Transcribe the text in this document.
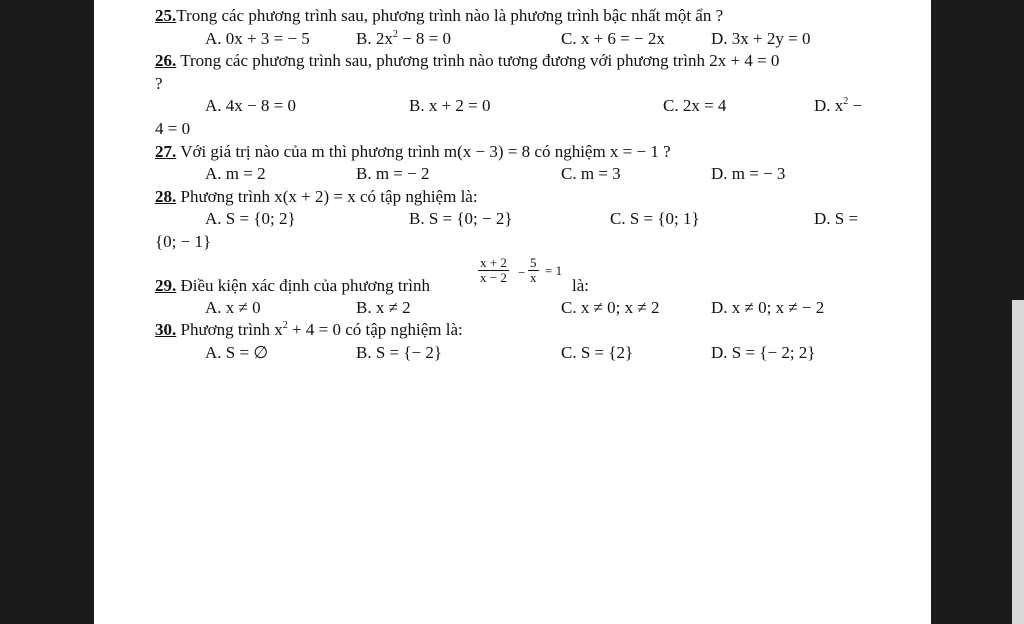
25.Trong các phương trình sau, phương trình nào là phương trình bậc nhất một ẩn ?
A. 0x + 3 = − 5	B. $2x^2 - 8 = 0$	C. x + 6 = − 2x	D. 3x + 2y = 0
26. Trong các phương trình sau, phương trình nào tương đương với phương trình 2x + 4 = 0
?
A. 4x − 8 = 0	B. x + 2 = 0	C. 2x = 4	D. $x^2$ −
4 = 0
27. Với giá trị nào của m thì phương trình m(x − 3) = 8 có nghiệm x = − 1 ?
A. m = 2	B. m = − 2	C. m = 3	D. m = − 3
28. Phương trình x(x + 2) = x có tập nghiệm là:
A. S = {0; 2}	B. S = {0; − 2}	C. S = {0; 1}	D. S =
{0; − 1}
29. Điều kiện xác định của phương trình
$\frac{x + 2}{x - 2} - \frac{5}{x} = 1$
là:
A. x ≠ 0	B. x ≠ 2	C. x ≠ 0; x ≠ 2	D. x ≠ 0; x ≠ − 2
30. Phương trình $x^2 + 4 = 0$ có tập nghiệm là:
A. S = ∅	B. S = {− 2}	C. S = {2}	D. S = {− 2; 2}
